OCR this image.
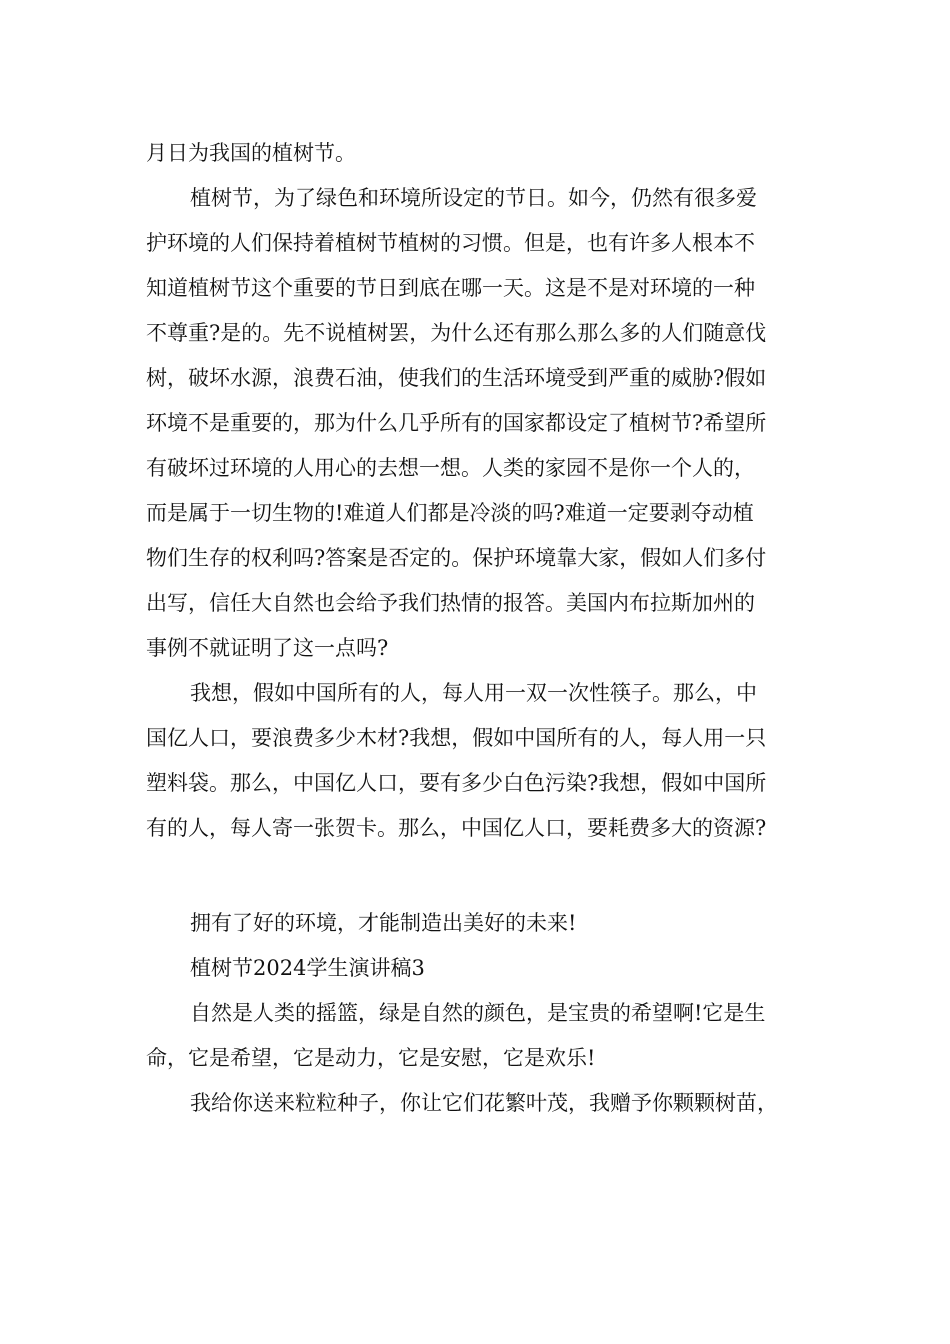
月日为我国的植树节。
植树节，为了绿色和环境所设定的节日。如今，仍然有很多爱
护环境的人们保持着植树节植树的习惯。但是，也有许多人根本不
知道植树节这个重要的节日到底在哪一天。这是不是对环境的一种
不尊重?是的。先不说植树罢，为什么还有那么那么多的人们随意伐
树，破坏水源，浪费石油，使我们的生活环境受到严重的威胁?假如
环境不是重要的，那为什么几乎所有的国家都设定了植树节?希望所
有破坏过环境的人用心的去想一想。人类的家园不是你一个人的，
而是属于一切生物的!难道人们都是冷淡的吗?难道一定要剥夺动植
物们生存的权利吗?答案是否定的。保护环境靠大家，假如人们多付
出写，信任大自然也会给予我们热情的报答。美国内布拉斯加州的
事例不就证明了这一点吗?
我想，假如中国所有的人，每人用一双一次性筷子。那么，中
国亿人口，要浪费多少木材?我想，假如中国所有的人，每人用一只
塑料袋。那么，中国亿人口，要有多少白色污染?我想，假如中国所
有的人，每人寄一张贺卡。那么，中国亿人口，要耗费多大的资源?
拥有了好的环境，才能制造出美好的未来!
植树节2024学生演讲稿3
自然是人类的摇篮，绿是自然的颜色，是宝贵的希望啊!它是生
命，它是希望，它是动力，它是安慰，它是欢乐!
我给你送来粒粒种子，你让它们花繁叶茂，我赠予你颗颗树苗，
